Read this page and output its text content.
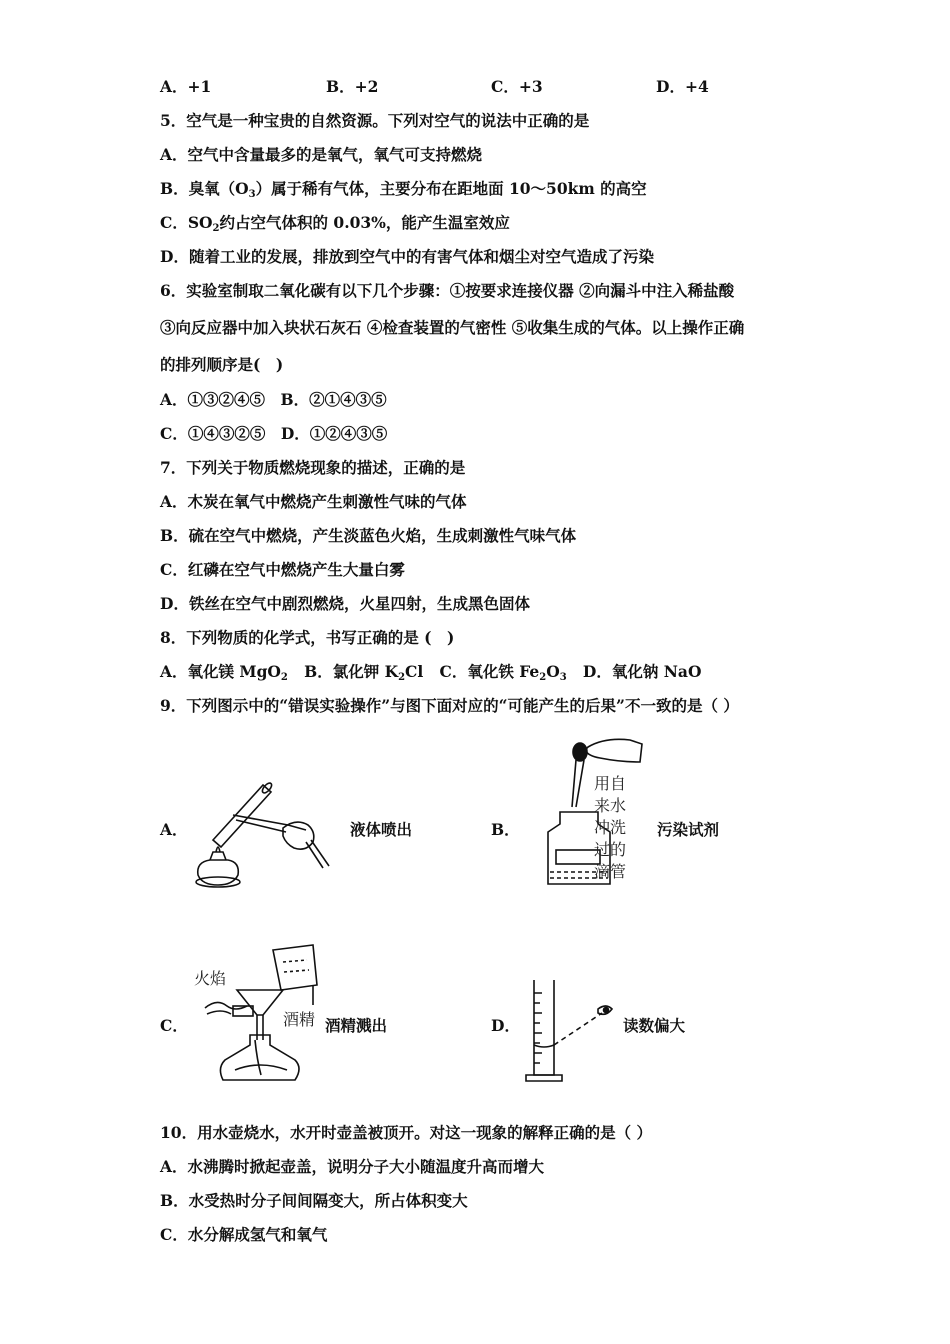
A．+1	B．+2	C．+3	D．+4
5．空气是一种宝贵的自然资源。下列对空气的说法中正确的是
A．空气中含量最多的是氧气，氧气可支持燃烧
B．臭氧$(O_3)$属于稀有气体，主要分布在距地面 10～50km 的高空
C．$SO_2$约占空气体积的 0.03%，能产生温室效应
D．随着工业的发展，排放到空气中的有害气体和烟尘对空气造成了污染
6．实验室制取二氧化碳有以下几个步骤：①按要求连接仪器 ②向漏斗中注入稀盐酸
③向反应器中加入块状石灰石 ④检查装置的气密性 ⑤收集生成的气体。以上操作正确
的排列顺序是(　)
A．①③②④⑤　B．②①④③⑤
C．①④③②⑤　D．①②④③⑤
7．下列关于物质燃烧现象的描述，正确的是
A．木炭在氧气中燃烧产生刺激性气味的气体
B．硫在空气中燃烧，产生淡蓝色火焰，生成刺激性气味气体
C．红磷在空气中燃烧产生大量白雾
D．铁丝在空气中剧烈燃烧，火星四射，生成黑色固体
8．下列物质的化学式，书写正确的是 (　)
A．氧化镁 MgO$_2$ B．氯化钾 $K_2Cl$ C．氧化铁 $Fe_2O_3$ D．氧化钠 NaO
9．下列图示中的“错误实验操作”与图下面对应的“可能产生的后果”不一致的是（ ）
A．	液体喷出	B．
用自
来水
冲洗
过的
滴管
污染试剂
C．
火焰
酒精 酒精溅出	D．	读数偏大
10．用水壶烧水，水开时壶盖被顶开。对这一现象的解释正确的是（ ）
A．水沸腾时掀起壶盖，说明分子大小随温度升高而增大
B．水受热时分子间间隔变大，所占体积变大
C．水分解成氢气和氧气
